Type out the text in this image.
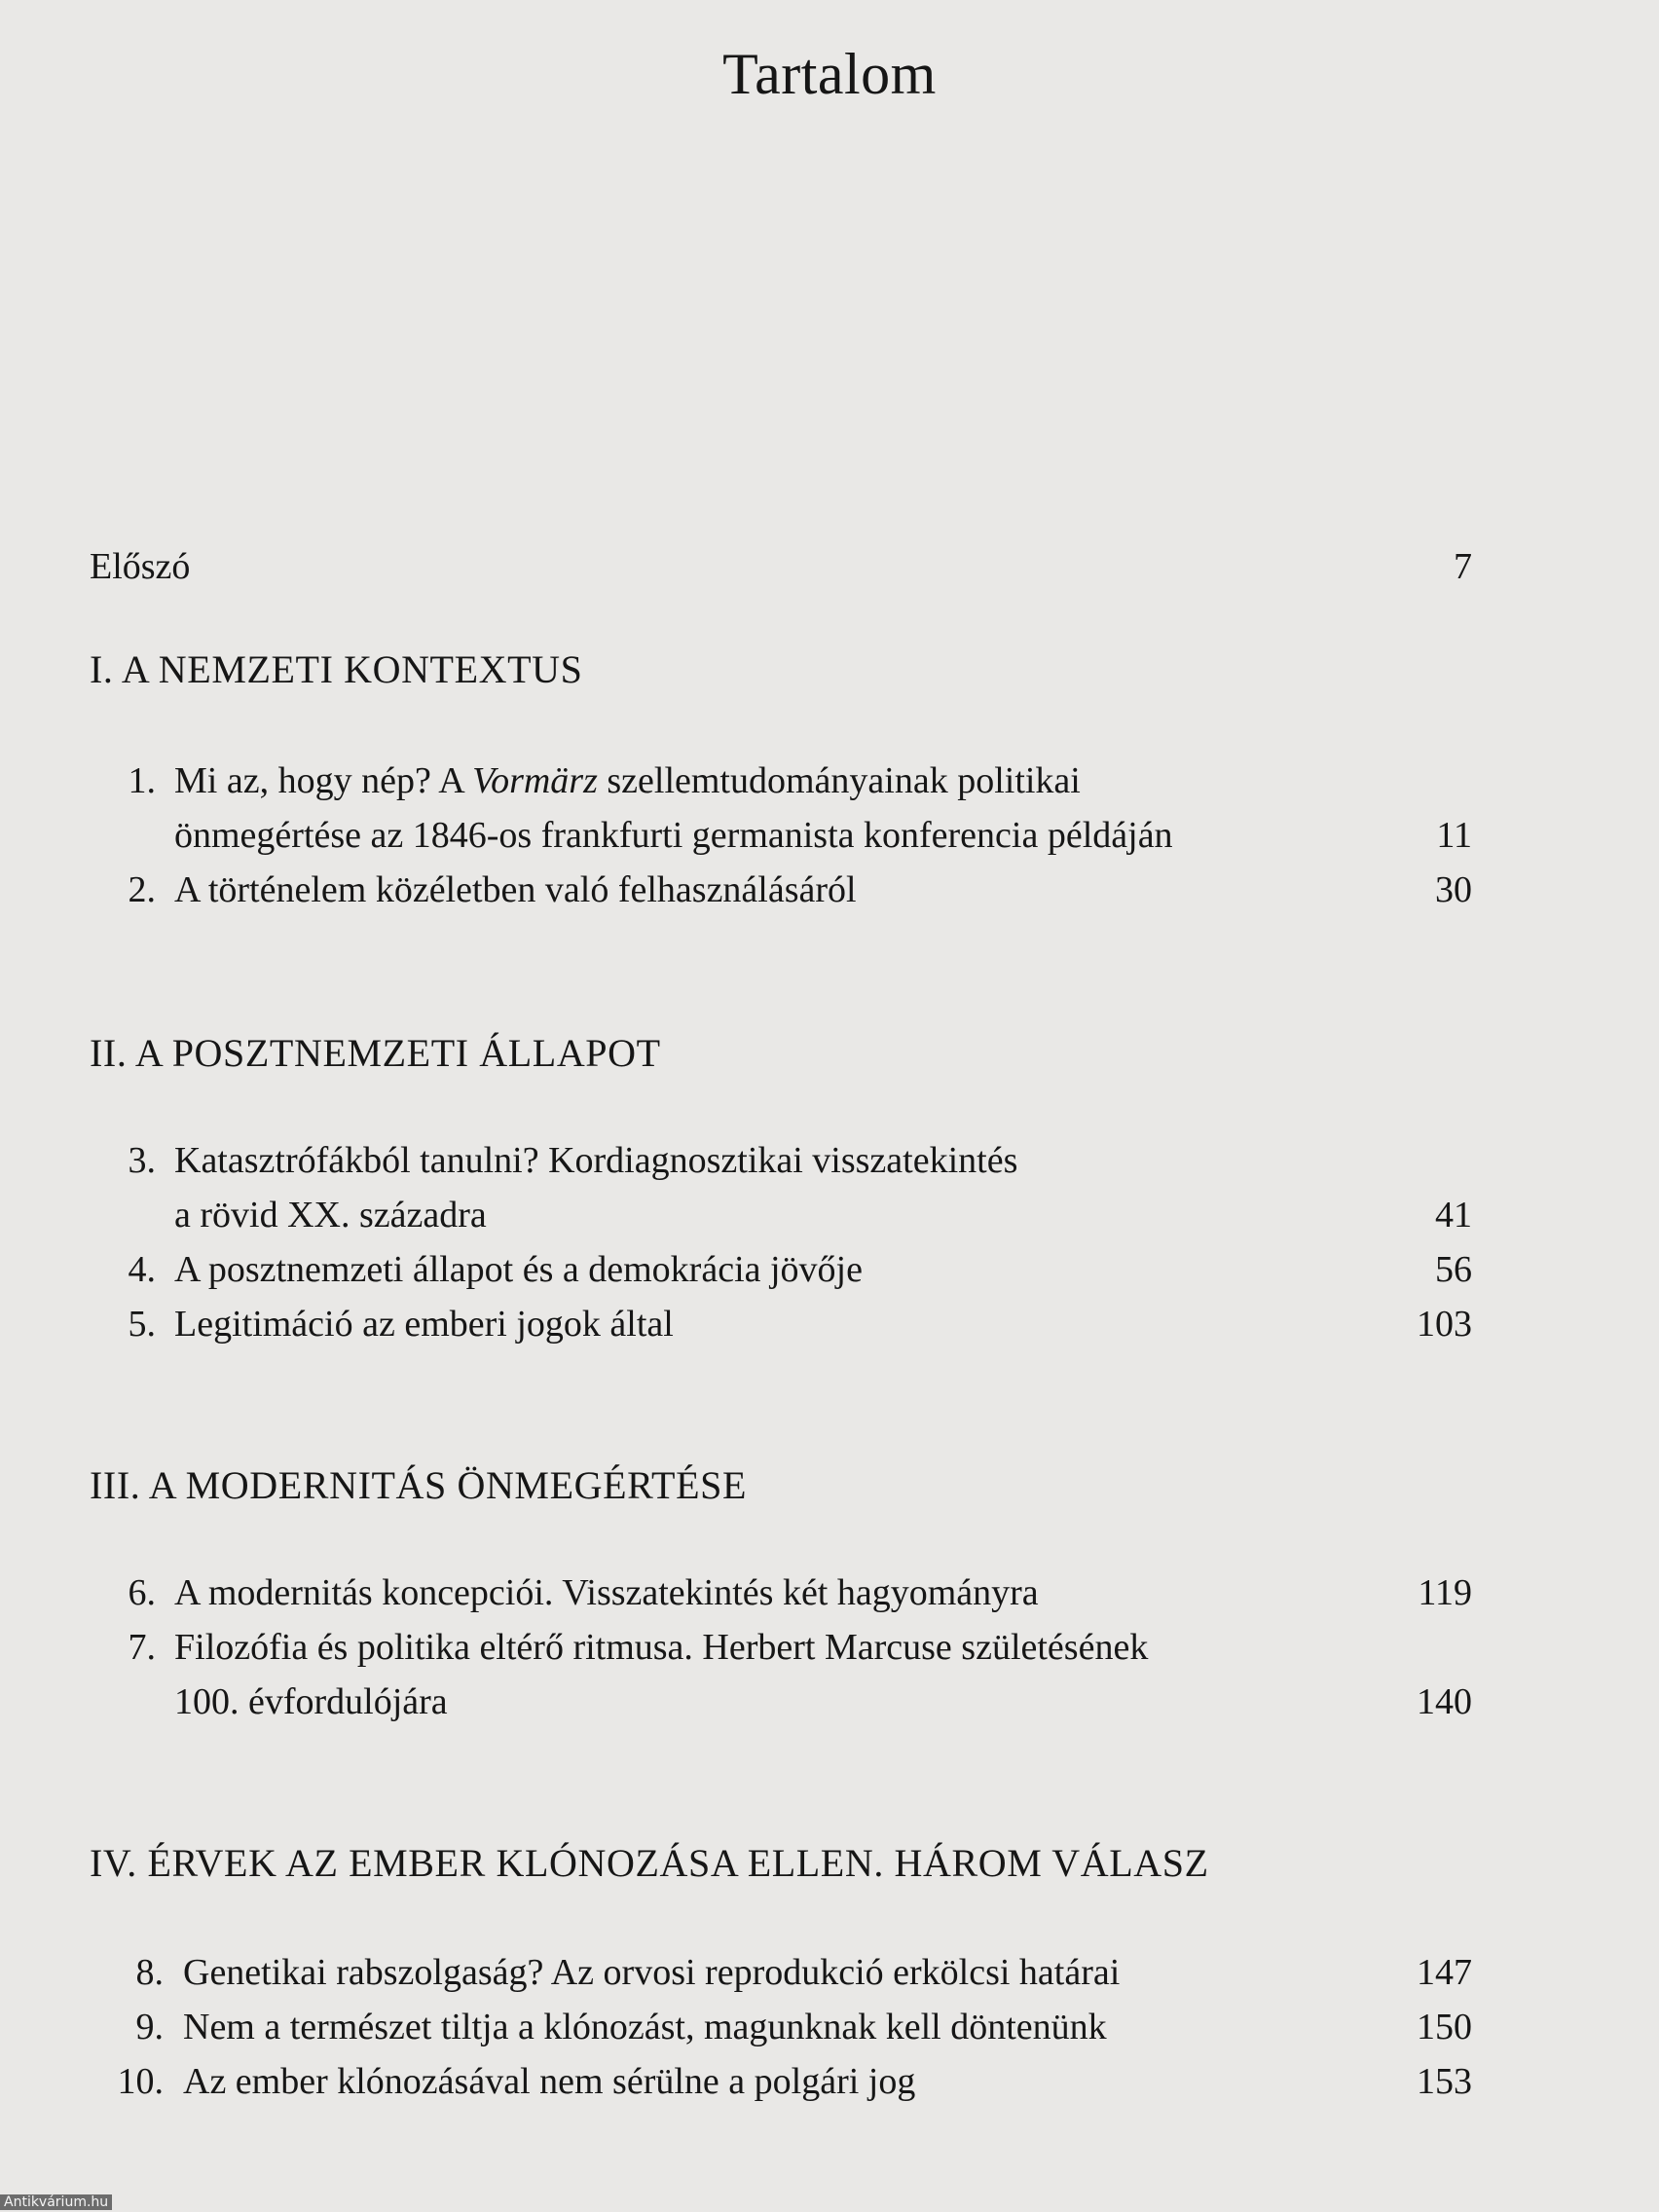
Tartalom
Előszó	7
I. A NEMZETI KONTEXTUS
1. Mi az, hogy nép? A Vormärz szellemtudományainak politikai
önmegértése az 1846-os frankfurti germanista konferencia példáján	11
2. A történelem közéletben való felhasználásáról	30
II. A POSZTNEMZETI ÁLLAPOT
3. Katasztrófákból tanulni? Kordiagnosztikai visszatekintés
a rövid XX. századra	41
4. A posztnemzeti állapot és a demokrácia jövője	56
5. Legitimáció az emberi jogok által	103
III. A MODERNITÁS ÖNMEGÉRTÉSE
6. A modernitás koncepciói. Visszatekintés két hagyományra	119
7. Filozófia és politika eltérő ritmusa. Herbert Marcuse születésének
100. évfordulójára	140
IV. ÉRVEK AZ EMBER KLÓNOZÁSA ELLEN. HÁROM VÁLASZ
8. Genetikai rabszolgaság? Az orvosi reprodukció erkölcsi határai	147
9. Nem a természet tiltja a klónozást, magunknak kell döntenünk	150
10. Az ember klónozásával nem sérülne a polgári jog	153
Antikvárium.hu
